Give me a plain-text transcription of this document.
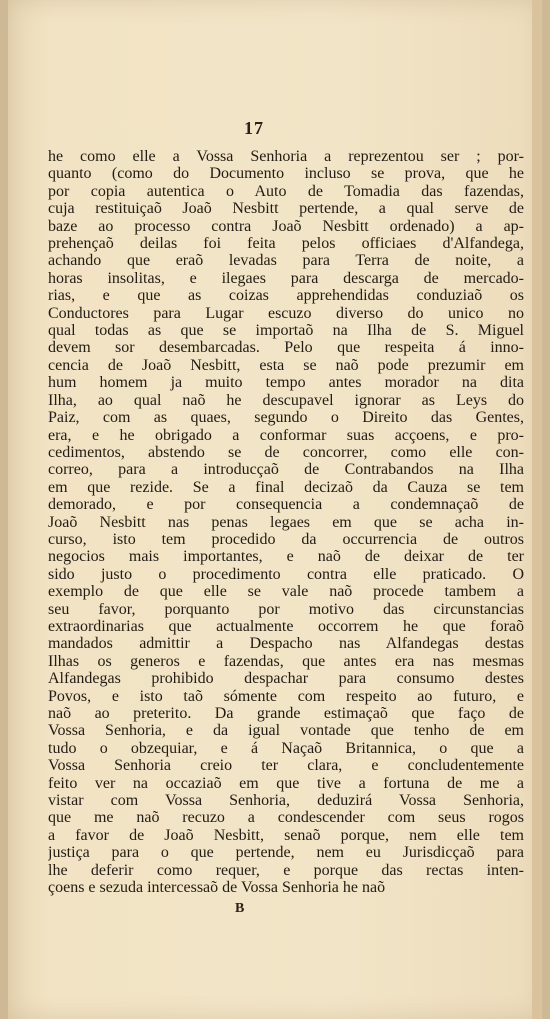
17
he como elle a Vossa Senhoria a reprezentou ser ; por-
quanto (como do Documento incluso se prova, que he
por copia autentica o Auto de Tomadia das fazendas,
cuja restituiçaõ Joaõ Nesbitt pertende, a qual serve de
baze ao processo contra Joaõ Nesbitt ordenado) a ap-
prehençaõ deilas foi feita pelos officiaes d'Alfandega,
achando que eraõ levadas para Terra de noite, a
horas insolitas, e ilegaes para descarga de mercado-
rias, e que as coizas apprehendidas conduziaõ os
Conductores para Lugar escuzo diverso do unico no
qual todas as que se importaõ na Ilha de S. Miguel
devem sor desembarcadas. Pelo que respeita á inno-
cencia de Joaõ Nesbitt, esta se naõ pode prezumir em
hum homem ja muito tempo antes morador na dita
Ilha, ao qual naõ he descupavel ignorar as Leys do
Paiz, com as quaes, segundo o Direito das Gentes,
era, e he obrigado a conformar suas acçoens, e pro-
cedimentos, abstendo se de concorrer, como elle con-
correo, para a introducçaõ de Contrabandos na Ilha
em que rezide. Se a final decizaõ da Cauza se tem
demorado, e por consequencia a condemnaçaõ de
Joaõ Nesbitt nas penas legaes em que se acha in-
curso, isto tem procedido da occurrencia de outros
negocios mais importantes, e naõ de deixar de ter
sido justo o procedimento contra elle praticado. O
exemplo de que elle se vale naõ procede tambem a
seu favor, porquanto por motivo das circunstancias
extraordinarias que actualmente occorrem he que foraõ
mandados admittir a Despacho nas Alfandegas destas
Ilhas os generos e fazendas, que antes era nas mesmas
Alfandegas prohibido despachar para consumo destes
Povos, e isto taõ sómente com respeito ao futuro, e
naõ ao preterito. Da grande estimaçaõ que faço de
Vossa Senhoria, e da igual vontade que tenho de em
tudo o obzequiar, e á Naçaõ Britannica, o que a
Vossa Senhoria creio ter clara, e concludentemente
feito ver na occaziaõ em que tive a fortuna de me a
vistar com Vossa Senhoria, deduzirá Vossa Senhoria,
que me naõ recuzo a condescender com seus rogos
a favor de Joaõ Nesbitt, senaõ porque, nem elle tem
justiça para o que pertende, nem eu Jurisdicçaõ para
lhe deferir como requer, e porque das rectas inten-
çoens e sezuda intercessaõ de Vossa Senhoria he naõ
B
